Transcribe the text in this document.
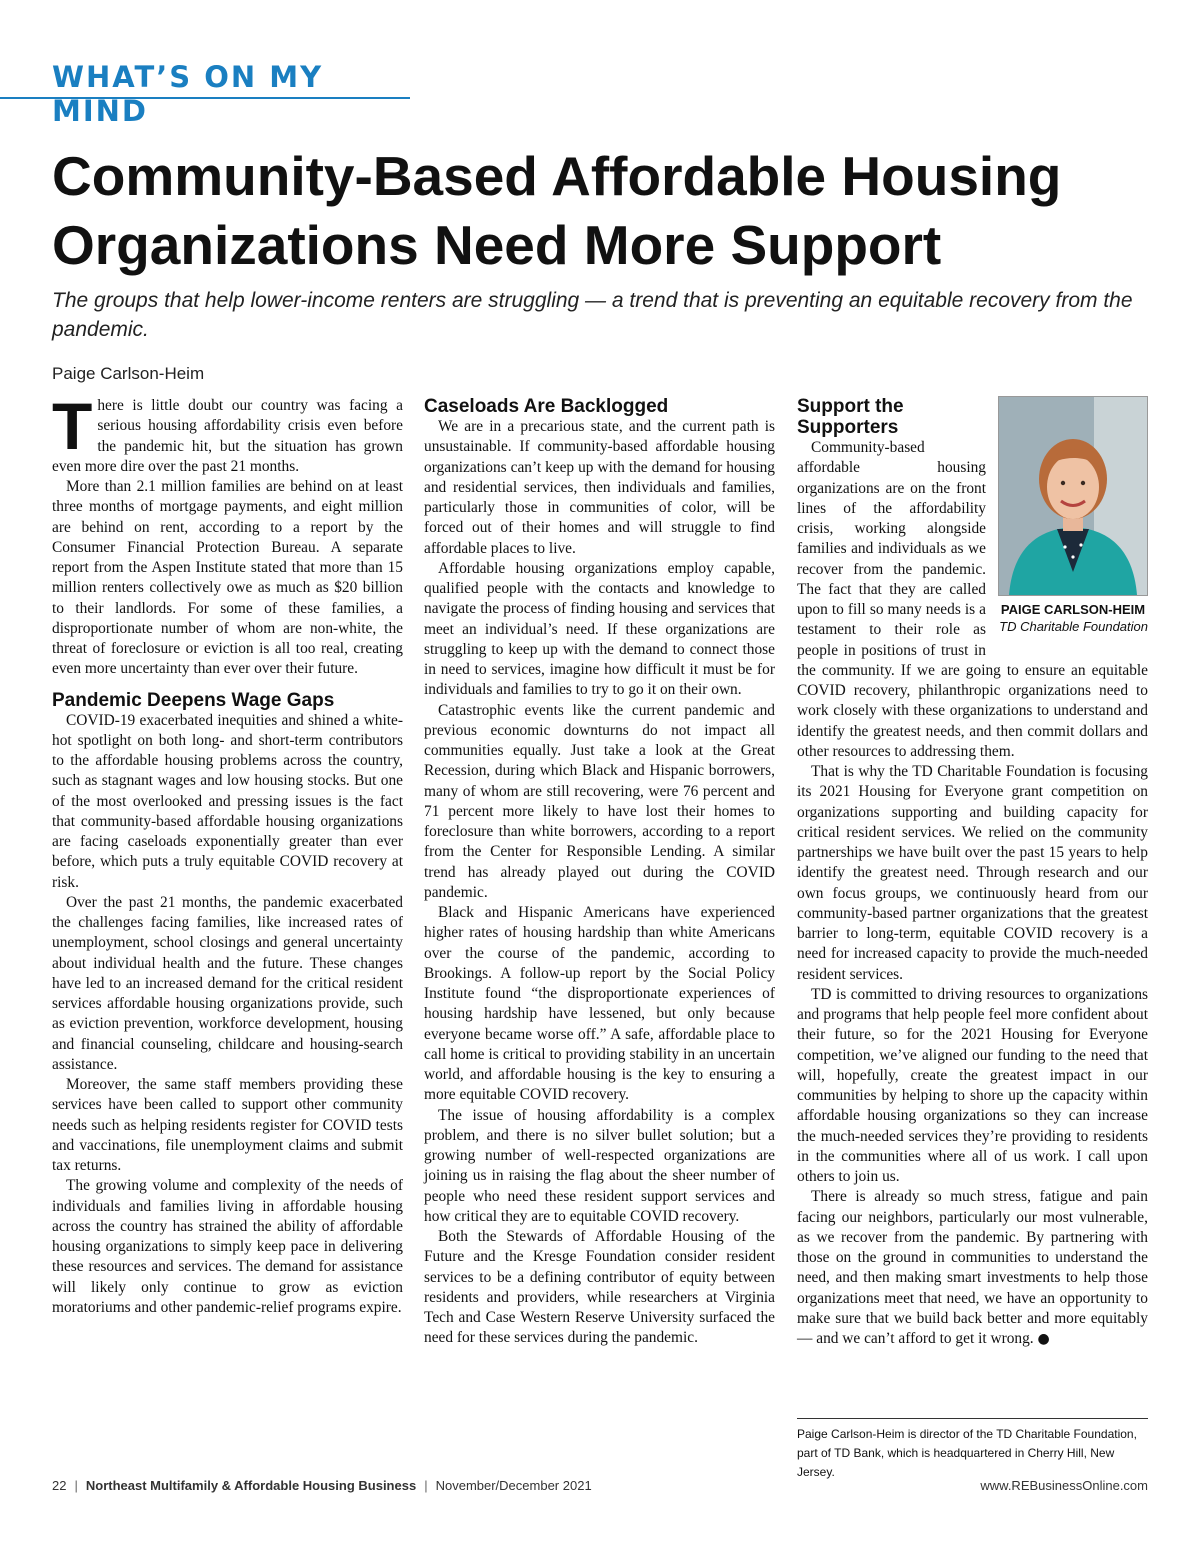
WHAT’S ON MY MIND
Community-Based Affordable Housing Organizations Need More Support
The groups that help lower-income renters are struggling — a trend that is preventing an equitable recovery from the pandemic.
Paige Carlson-Heim

There is little doubt our country was facing a serious housing affordability crisis even before the pandemic hit, but the situation has grown even more dire over the past 21 months.

More than 2.1 million families are behind on at least three months of mortgage payments, and eight million are behind on rent, according to a report by the Consumer Financial Protection Bureau. A separate report from the Aspen Institute stated that more than 15 million renters collectively owe as much as $20 billion to their landlords. For some of these families, a disproportionate number of whom are non-white, the threat of foreclosure or eviction is all too real, creating even more uncertainty than ever over their future.

Pandemic Deepens Wage Gaps

COVID-19 exacerbated inequities and shined a white-hot spotlight on both long- and short-term contributors to the affordable housing problems across the country, such as stagnant wages and low housing stocks. But one of the most overlooked and pressing issues is the fact that community-based affordable housing organizations are facing caseloads exponentially greater than ever before, which puts a truly equitable COVID recovery at risk.

Over the past 21 months, the pandemic exacerbated the challenges facing families, like increased rates of unemployment, school closings and general uncertainty about individual health and the future. These changes have led to an increased demand for the critical resident services affordable housing organizations provide, such as eviction prevention, workforce development, housing and financial counseling, childcare and housing-search assistance.

Moreover, the same staff members providing these services have been called to support other community needs such as helping residents register for COVID tests and vaccinations, file unemployment claims and submit tax returns.

The growing volume and complexity of the needs of individuals and families living in affordable housing across the country has strained the ability of affordable housing organizations to simply keep pace in delivering these resources and services. The demand for assistance will likely only continue to grow as eviction moratoriums and other pandemic-relief programs expire.

Caseloads Are Backlogged

We are in a precarious state, and the current path is unsustainable. If community-based affordable housing organizations can’t keep up with the demand for housing and residential services, then individuals and families, particularly those in communities of color, will be forced out of their homes and will struggle to find affordable places to live.

Affordable housing organizations employ capable, qualified people with the contacts and knowledge to navigate the process of finding housing and services that meet an individual’s need. If these organizations are struggling to keep up with the demand to connect those in need to services, imagine how difficult it must be for individuals and families to try to go it on their own.

Catastrophic events like the current pandemic and previous economic downturns do not impact all communities equally. Just take a look at the Great Recession, during which Black and Hispanic borrowers, many of whom are still recovering, were 76 percent and 71 percent more likely to have lost their homes to foreclosure than white borrowers, according to a report from the Center for Responsible Lending. A similar trend has already played out during the COVID pandemic.

Black and Hispanic Americans have experienced higher rates of housing hardship than white Americans over the course of the pandemic, according to Brookings. A follow-up report by the Social Policy Institute found “the disproportionate experiences of housing hardship have lessened, but only because everyone became worse off.” A safe, affordable place to call home is critical to providing stability in an uncertain world, and affordable housing is the key to ensuring a more equitable COVID recovery.

The issue of housing affordability is a complex problem, and there is no silver bullet solution; but a growing number of well-respected organizations are joining us in raising the flag about the sheer number of people who need these resident support services and how critical they are to equitable COVID recovery.

Both the Stewards of Affordable Housing of the Future and the Kresge Foundation consider resident services to be a defining contributor of equity between residents and providers, while researchers at Virginia Tech and Case Western Reserve University surfaced the need for these services during the pandemic.

PAIGE CARLSON-HEIM
TD Charitable Foundation
Support the
Supporters

Community-based affordable housing organizations are on the front lines of the affordability crisis, working alongside families and individuals as we recover from the pandemic. The fact that they are called upon to fill so many needs is a testament to their role as people in positions of trust in the community. If we are going to ensure an equitable COVID recovery, philanthropic organizations need to work closely with these organizations to understand and identify the greatest needs, and then commit dollars and other resources to addressing them.

That is why the TD Charitable Foundation is focusing its 2021 Housing for Everyone grant competition on organizations supporting and building capacity for critical resident services. We relied on the community partnerships we have built over the past 15 years to help identify the greatest need. Through research and our own focus groups, we continuously heard from our community-based partner organizations that the greatest barrier to long-term, equitable COVID recovery is a need for increased capacity to provide the much-needed resident services.

TD is committed to driving resources to organizations and programs that help people feel more confident about their future, so for the 2021 Housing for Everyone competition, we’ve aligned our funding to the need that will, hopefully, create the greatest impact in our communities by helping to shore up the capacity within affordable housing organizations so they can increase the much-needed services they’re providing to residents in the communities where all of us work. I call upon others to join us.

There is already so much stress, fatigue and pain facing our neighbors, particularly our most vulnerable, as we recover from the pandemic. By partnering with those on the ground in communities to understand the need, and then making smart investments to help those organizations meet that need, we have an opportunity to make sure that we build back better and more equitably — and we can’t afford to get it wrong. ●

Paige Carlson-Heim is director of the TD Charitable Foundation, part of TD Bank, which is headquartered in Cherry Hill, New Jersey.
22 | Northeast Multifamily & Affordable Housing Business | November/December 2021	www.REBusinessOnline.com
